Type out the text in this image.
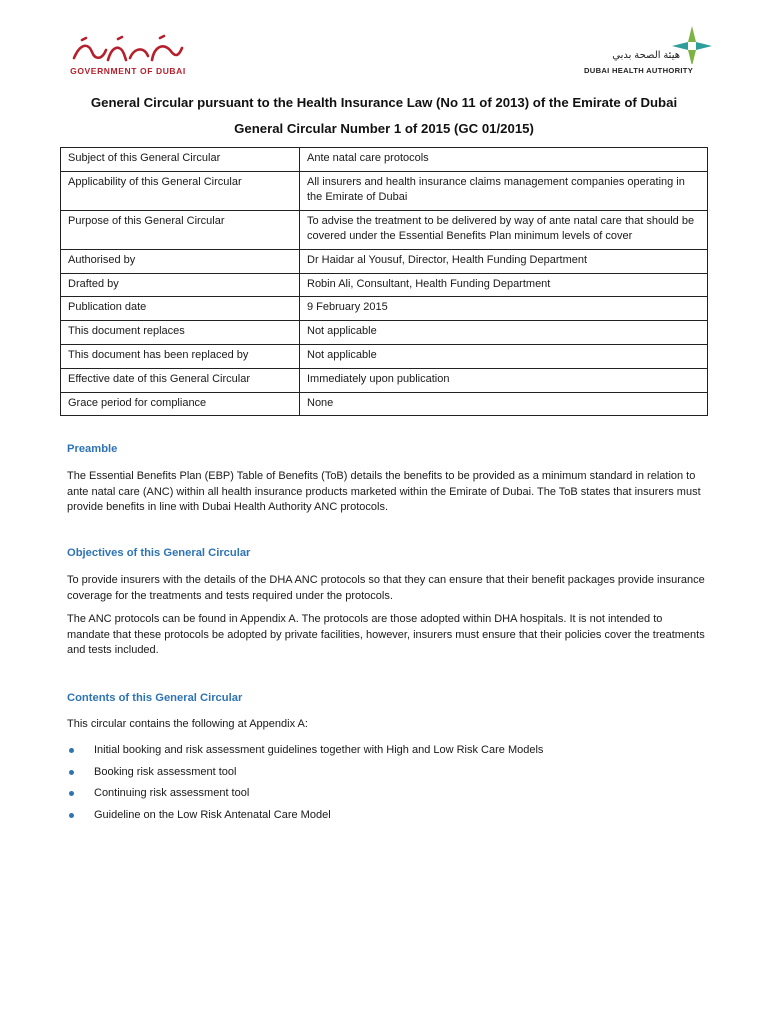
GOVERNMENT OF DUBAI
هيئة الصحة بدبي
DUBAI HEALTH AUTHORITY
General Circular pursuant to the Health Insurance Law (No 11 of 2013) of the Emirate of Dubai
General Circular Number 1 of 2015 (GC 01/2015)
Subject of this General Circular	Ante natal care protocols
Applicability of this General Circular	All insurers and health insurance claims management companies operating in the Emirate of Dubai
Purpose of this General Circular	To advise the treatment to be delivered by way of ante natal care that should be covered under the Essential Benefits Plan minimum levels of cover
Authorised by	Dr Haidar al Yousuf, Director, Health Funding Department
Drafted by	Robin Ali, Consultant, Health Funding Department
Publication date	9 February 2015
This document replaces	Not applicable
This document has been replaced by	Not applicable
Effective date of this General Circular	Immediately upon publication
Grace period for compliance	None
Preamble

The Essential Benefits Plan (EBP) Table of Benefits (ToB) details the benefits to be provided as a minimum standard in relation to ante natal care (ANC) within all health insurance products marketed within the Emirate of Dubai. The ToB states that insurers must provide benefits in line with Dubai Health Authority ANC protocols.

Objectives of this General Circular

To provide insurers with the details of the DHA ANC protocols so that they can ensure that their benefit packages provide insurance coverage for the treatments and tests required under the protocols.

The ANC protocols can be found in Appendix A. The protocols are those adopted within DHA hospitals. It is not intended to mandate that these protocols be adopted by private facilities, however, insurers must ensure that their policies cover the treatments and tests included.

Contents of this General Circular
This circular contains the following at Appendix A:
Initial booking and risk assessment guidelines together with High and Low Risk Care Models
Booking risk assessment tool
Continuing risk assessment tool
Guideline on the Low Risk Antenatal Care Model
